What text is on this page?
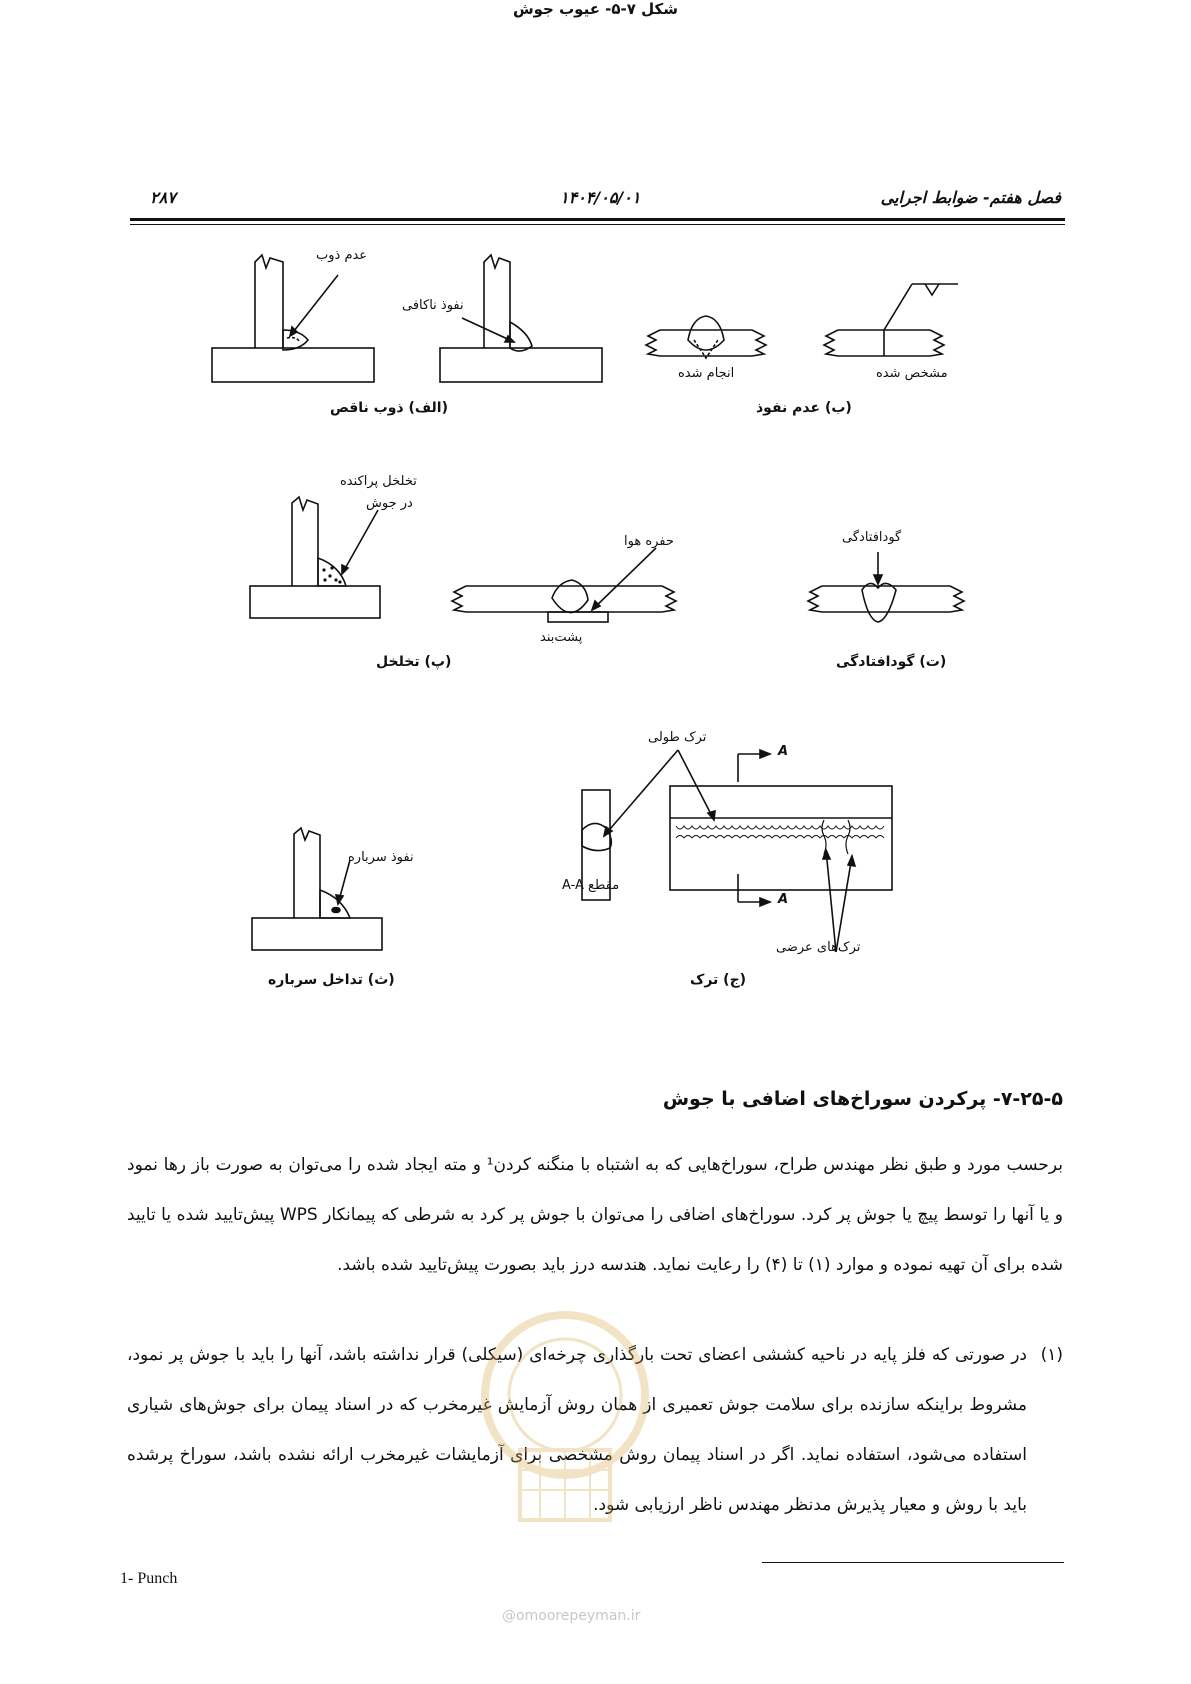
فصل هفتم- ضوابط اجرایی
۱۴۰۴/۰۵/۰۱
۲۸۷
عدم ذوب
نفوذ ناکافی
انجام شده	مشخص شده
(الف) ذوب ناقص	(ب) عدم نفوذ
تخلخل پراکنده
در جوش
حفره هوا
پشت‌بند
گودافتادگی
(پ) تخلخل	(ت) گودافتادگی
ترک طولی
A
A
مقطع A-A
نفوذ سرباره
ترک‌های عرضی
(ث) تداخل سرباره	(ج) ترک
شکل ۷-۵- عیوب جوش
۷-۲۵-۵- پرکردن سوراخ‌های اضافی با جوش

برحسب مورد و طبق نظر مهندس طراح، سوراخ‌هایی که به اشتباه با منگنه کردن¹ و مته ایجاد شده را می‌توان به صورت باز رها نمود و یا آنها را توسط پیچ یا جوش پر کرد. سوراخ‌های اضافی را می‌توان با جوش پر کرد به شرطی که پیمانکار WPS پیش‌تایید شده یا تایید شده برای آن تهیه نموده و موارد (۱) تا (۴) را رعایت نماید. هندسه درز باید بصورت پیش‌تایید شده باشد.

(۱)

در صورتی که فلز پایه در ناحیه کششی اعضای تحت بارگذاری چرخه‌ای (سیکلی) قرار نداشته باشد، آنها را باید با جوش پر نمود، مشروط براینکه سازنده برای سلامت جوش تعمیری از همان روش آزمایش غیرمخرب که در اسناد پیمان برای جوش‌های شیاری استفاده می‌شود، استفاده نماید. اگر در اسناد پیمان روش مشخصی برای آزمایشات غیرمخرب ارائه نشده باشد، سوراخ پرشده باید با روش و معیار پذیرش مدنظر مهندس ناظر ارزیابی شود.

1- Punch
@omoorepeyman.ir
